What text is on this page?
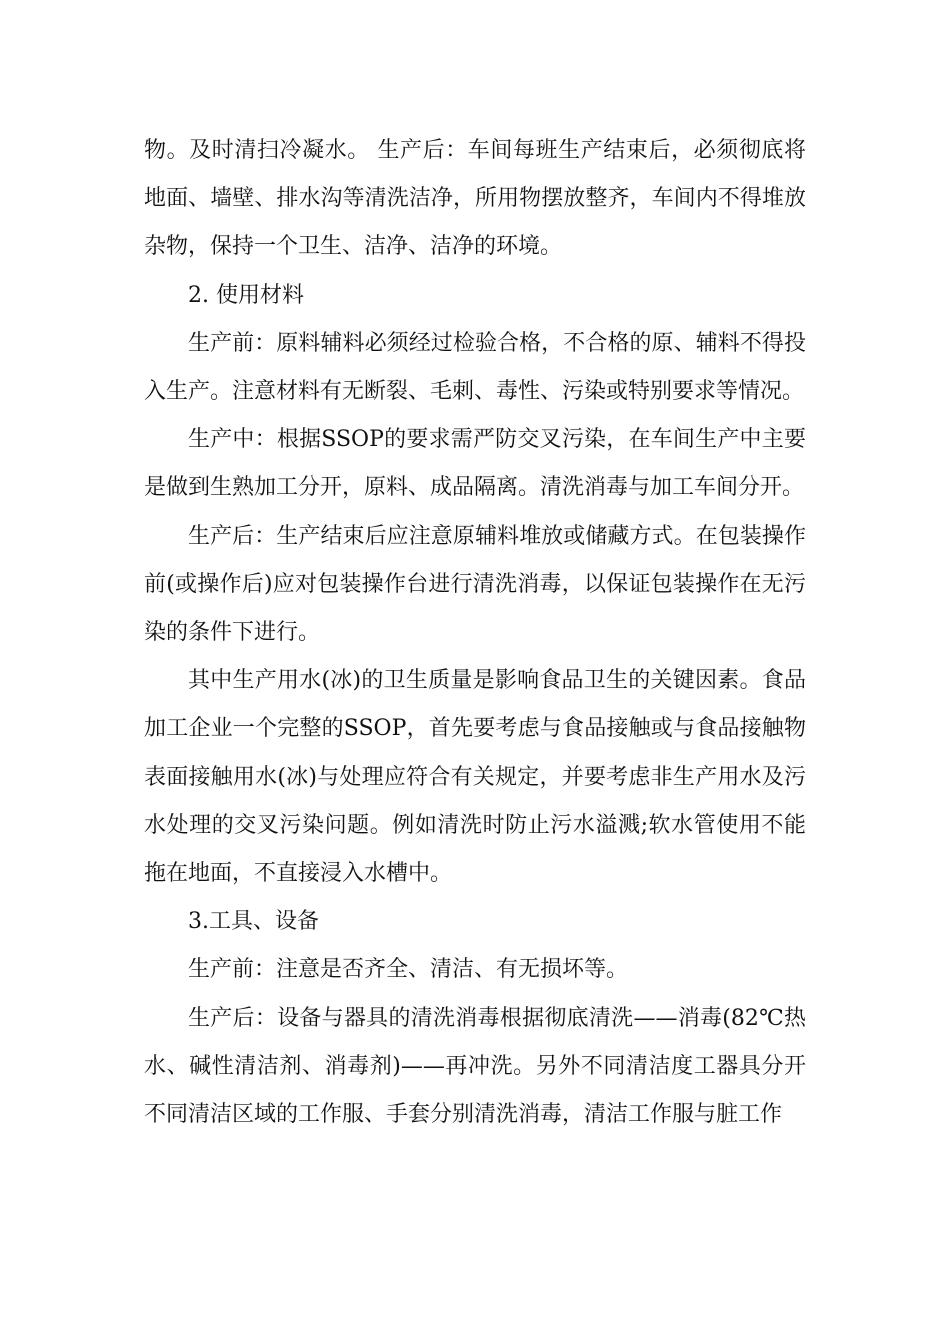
物。及时清扫冷凝水。 生产后：车间每班生产结束后，必须彻底将地面、墙壁、排水沟等清洗洁净，所用物摆放整齐，车间内不得堆放杂物，保持一个卫生、洁净、洁净的环境。

2. 使用材料

生产前：原料辅料必须经过检验合格，不合格的原、辅料不得投入生产。注意材料有无断裂、毛刺、毒性、污染或特别要求等情况。

生产中：根据SSOP的要求需严防交叉污染，在车间生产中主要是做到生熟加工分开，原料、成品隔离。清洗消毒与加工车间分开。

生产后：生产结束后应注意原辅料堆放或储藏方式。在包装操作前(或操作后)应对包装操作台进行清洗消毒，以保证包装操作在无污染的条件下进行。

其中生产用水(冰)的卫生质量是影响食品卫生的关键因素。食品加工企业一个完整的SSOP，首先要考虑与食品接触或与食品接触物表面接触用水(冰)与处理应符合有关规定，并要考虑非生产用水及污水处理的交叉污染问题。例如清洗时防止污水溢溅;软水管使用不能拖在地面，不直接浸入水槽中。

3.工具、设备

生产前：注意是否齐全、清洁、有无损坏等。

生产后：设备与器具的清洗消毒根据彻底清洗——消毒(82℃热水、碱性清洁剂、消毒剂)——再冲洗。另外不同清洁度工器具分开不同清洁区域的工作服、手套分别清洗消毒，清洁工作服与脏工作
